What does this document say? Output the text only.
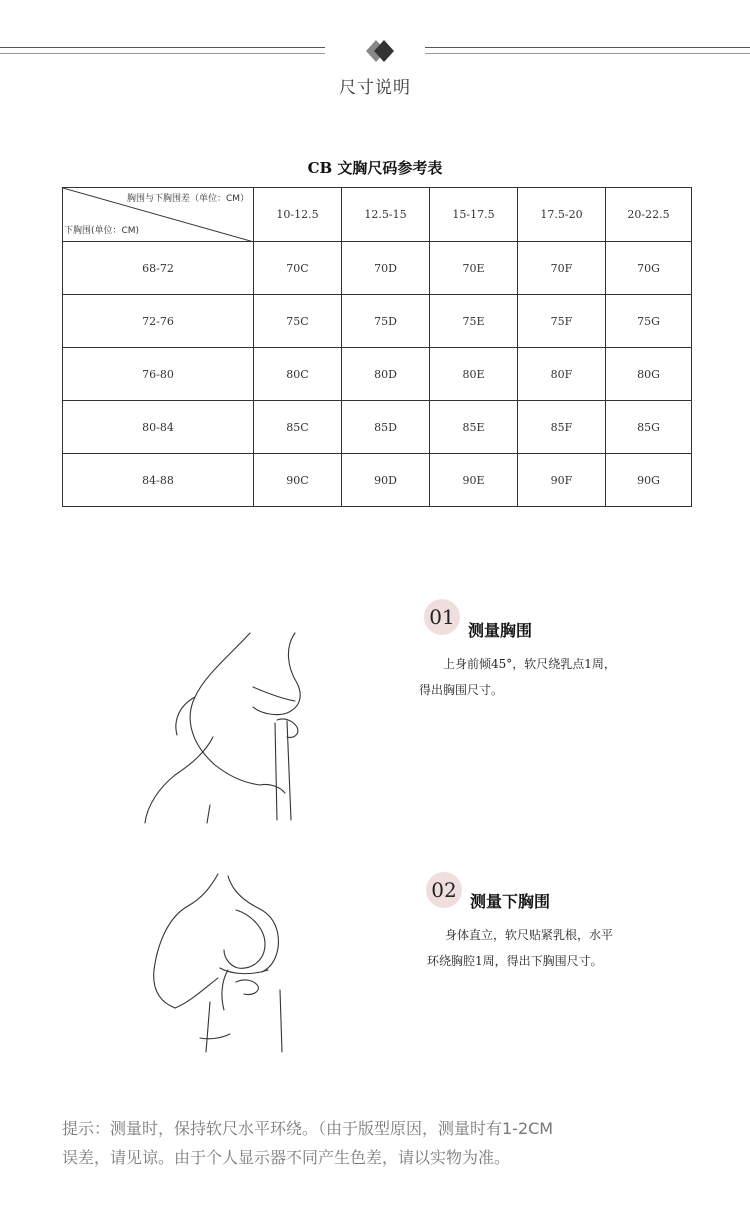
尺寸说明
CB 文胸尺码参考表
胸围与下胸围差（单位：CM）
下胸围(单位：CM)	10-12.5	12.5-15	15-17.5	17.5-20	20-22.5
68-72	70C	70D	70E	70F	70G
72-76	75C	75D	75E	75F	75G
76-80	80C	80D	80E	80F	80G
80-84	85C	85D	85E	85F	85G
84-88	90C	90D	90E	90F	90G
01
测量胸围
上身前倾45°，软尺绕乳点1周，
得出胸围尺寸。
02 测量下胸围
身体直立，软尺贴紧乳根，水平
环绕胸腔1周，得出下胸围尺寸。
提示：测量时，保持软尺水平环绕。（由于版型原因，测量时有1-2CM
误差，请见谅。由于个人显示器不同产生色差，请以实物为准。
